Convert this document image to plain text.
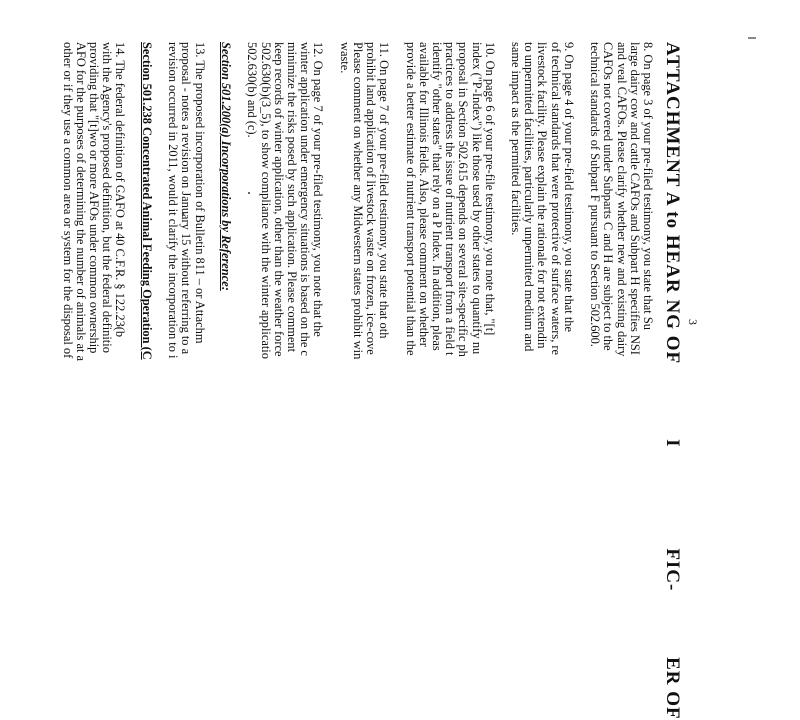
3
ATTACHMENT A to HEAR NG OF I FIC- ER OF
8. On page 3 of your pre-filed testimony, you state that Su
large dairy cow and cattle CAFOs and Subpart H specifies NSI
and veal CAFOs. Please clarify whether new and existing dairy
CAFOs not covered under Subparts C and H are subject to the
technical standards of Subpart F pursuant to Section 502.600.
9. On page 4 of your pre-field testimony, you state that the
of technical standards that were protective of surface waters, re
livestock facility. Please explain the rationale for not extendin
to unpermitted facilities, particularly unpermitted medium and
same impact as the permitted facilities.
10. On page 6 of your pre-file testimony, you note that, "[t]
index ("P-Index") like those used by other states to quantify nu
proposal in Section 502.615 depends on several site-specific ph
practices to address the issue of nutrient transport from a field t
identify "other states" that rely on a P Index. In addition, pleas
available for Illinois fields. Also, please comment on whether
provide a better estimate of nutrient transport potential than the
11. On page 7 of your pre-filed testimony, you state that oth
prohibit land application of livestock waste on frozen, ice-cove
Please comment on whether any Midwestern states prohibit win
waste.
12. On page 7 of your pre-filed testimony, you note that the
winter application under emergency situations is based on the c
minimize the risks posed by such application. Please comment
keep records of winter application, other than the weather force
502.630(b)(3_5), to show compliance with the winter applicatio
502.630(b) and (c).
Section 501.200(a) Incorporations by Reference:
13. The proposed incorporation of Bulletin 811 – or Attachm
proposal - notes a revision on January 15 without referring to a
revision occurred in 2011, would it clarify the incorporation to i
Section 501.238 Concentrated Animal Feeding Operation (C
14. The federal definition of CAFO at 40 C.F.R. § 122.23(b
with the Agency's proposed definition, but the federal definitio
providing that "[t]wo or more AFOs under common ownership
AFO for the purposes of determining the number of animals at a
other or if they use a common area or system for the disposal of
